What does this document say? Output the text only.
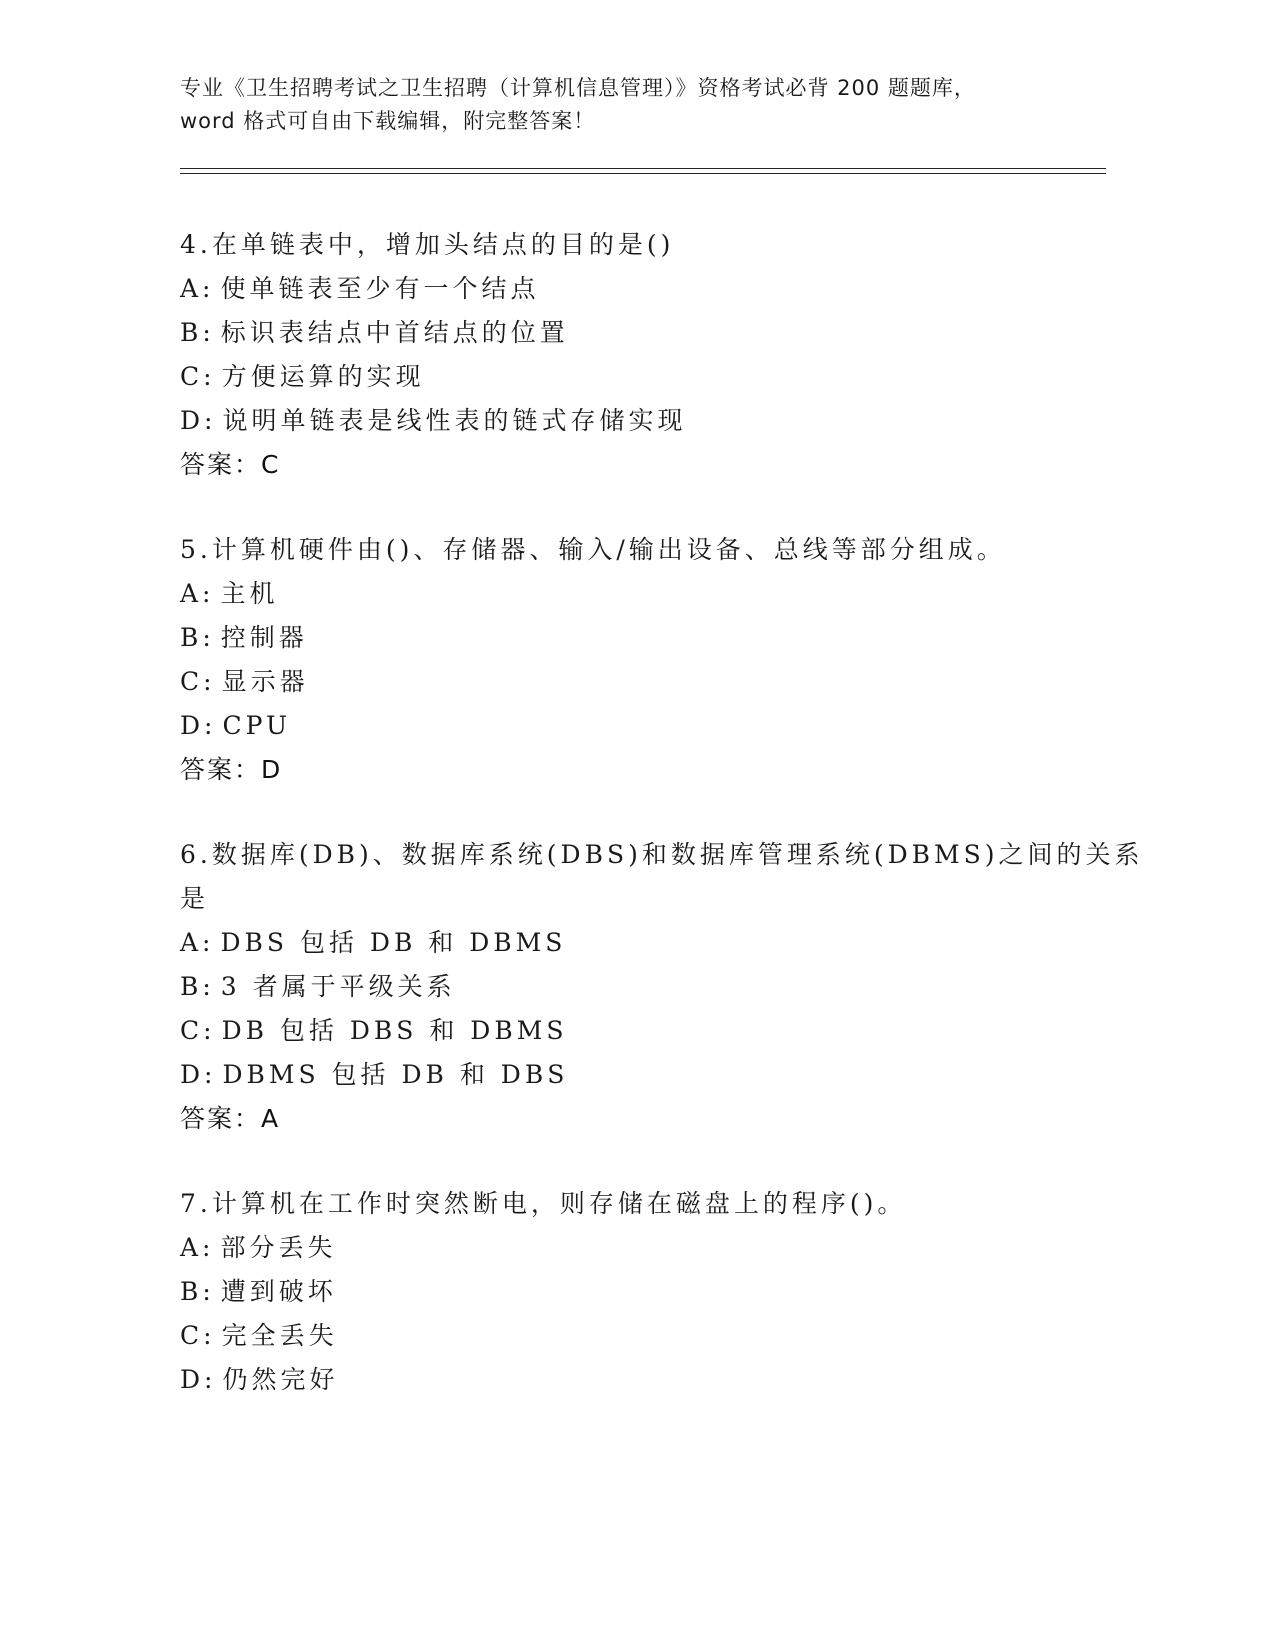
专业《卫生招聘考试之卫生招聘（计算机信息管理）》资格考试必背 200 题题库，
word 格式可自由下载编辑，附完整答案！
4.在单链表中，增加头结点的目的是()
A: 使单链表至少有一个结点
B: 标识表结点中首结点的位置
C: 方便运算的实现
D: 说明单链表是线性表的链式存储实现
答案：C
5.计算机硬件由()、存储器、输入/输出设备、总线等部分组成。
A: 主机
B: 控制器
C: 显示器
D: CPU
答案：D
6.数据库(DB)、数据库系统(DBS)和数据库管理系统(DBMS)之间的关系
是
A: DBS 包括 DB 和 DBMS
B: 3 者属于平级关系
C: DB 包括 DBS 和 DBMS
D: DBMS 包括 DB 和 DBS
答案：A
7.计算机在工作时突然断电，则存储在磁盘上的程序()。
A: 部分丢失
B: 遭到破坏
C: 完全丢失
D: 仍然完好
